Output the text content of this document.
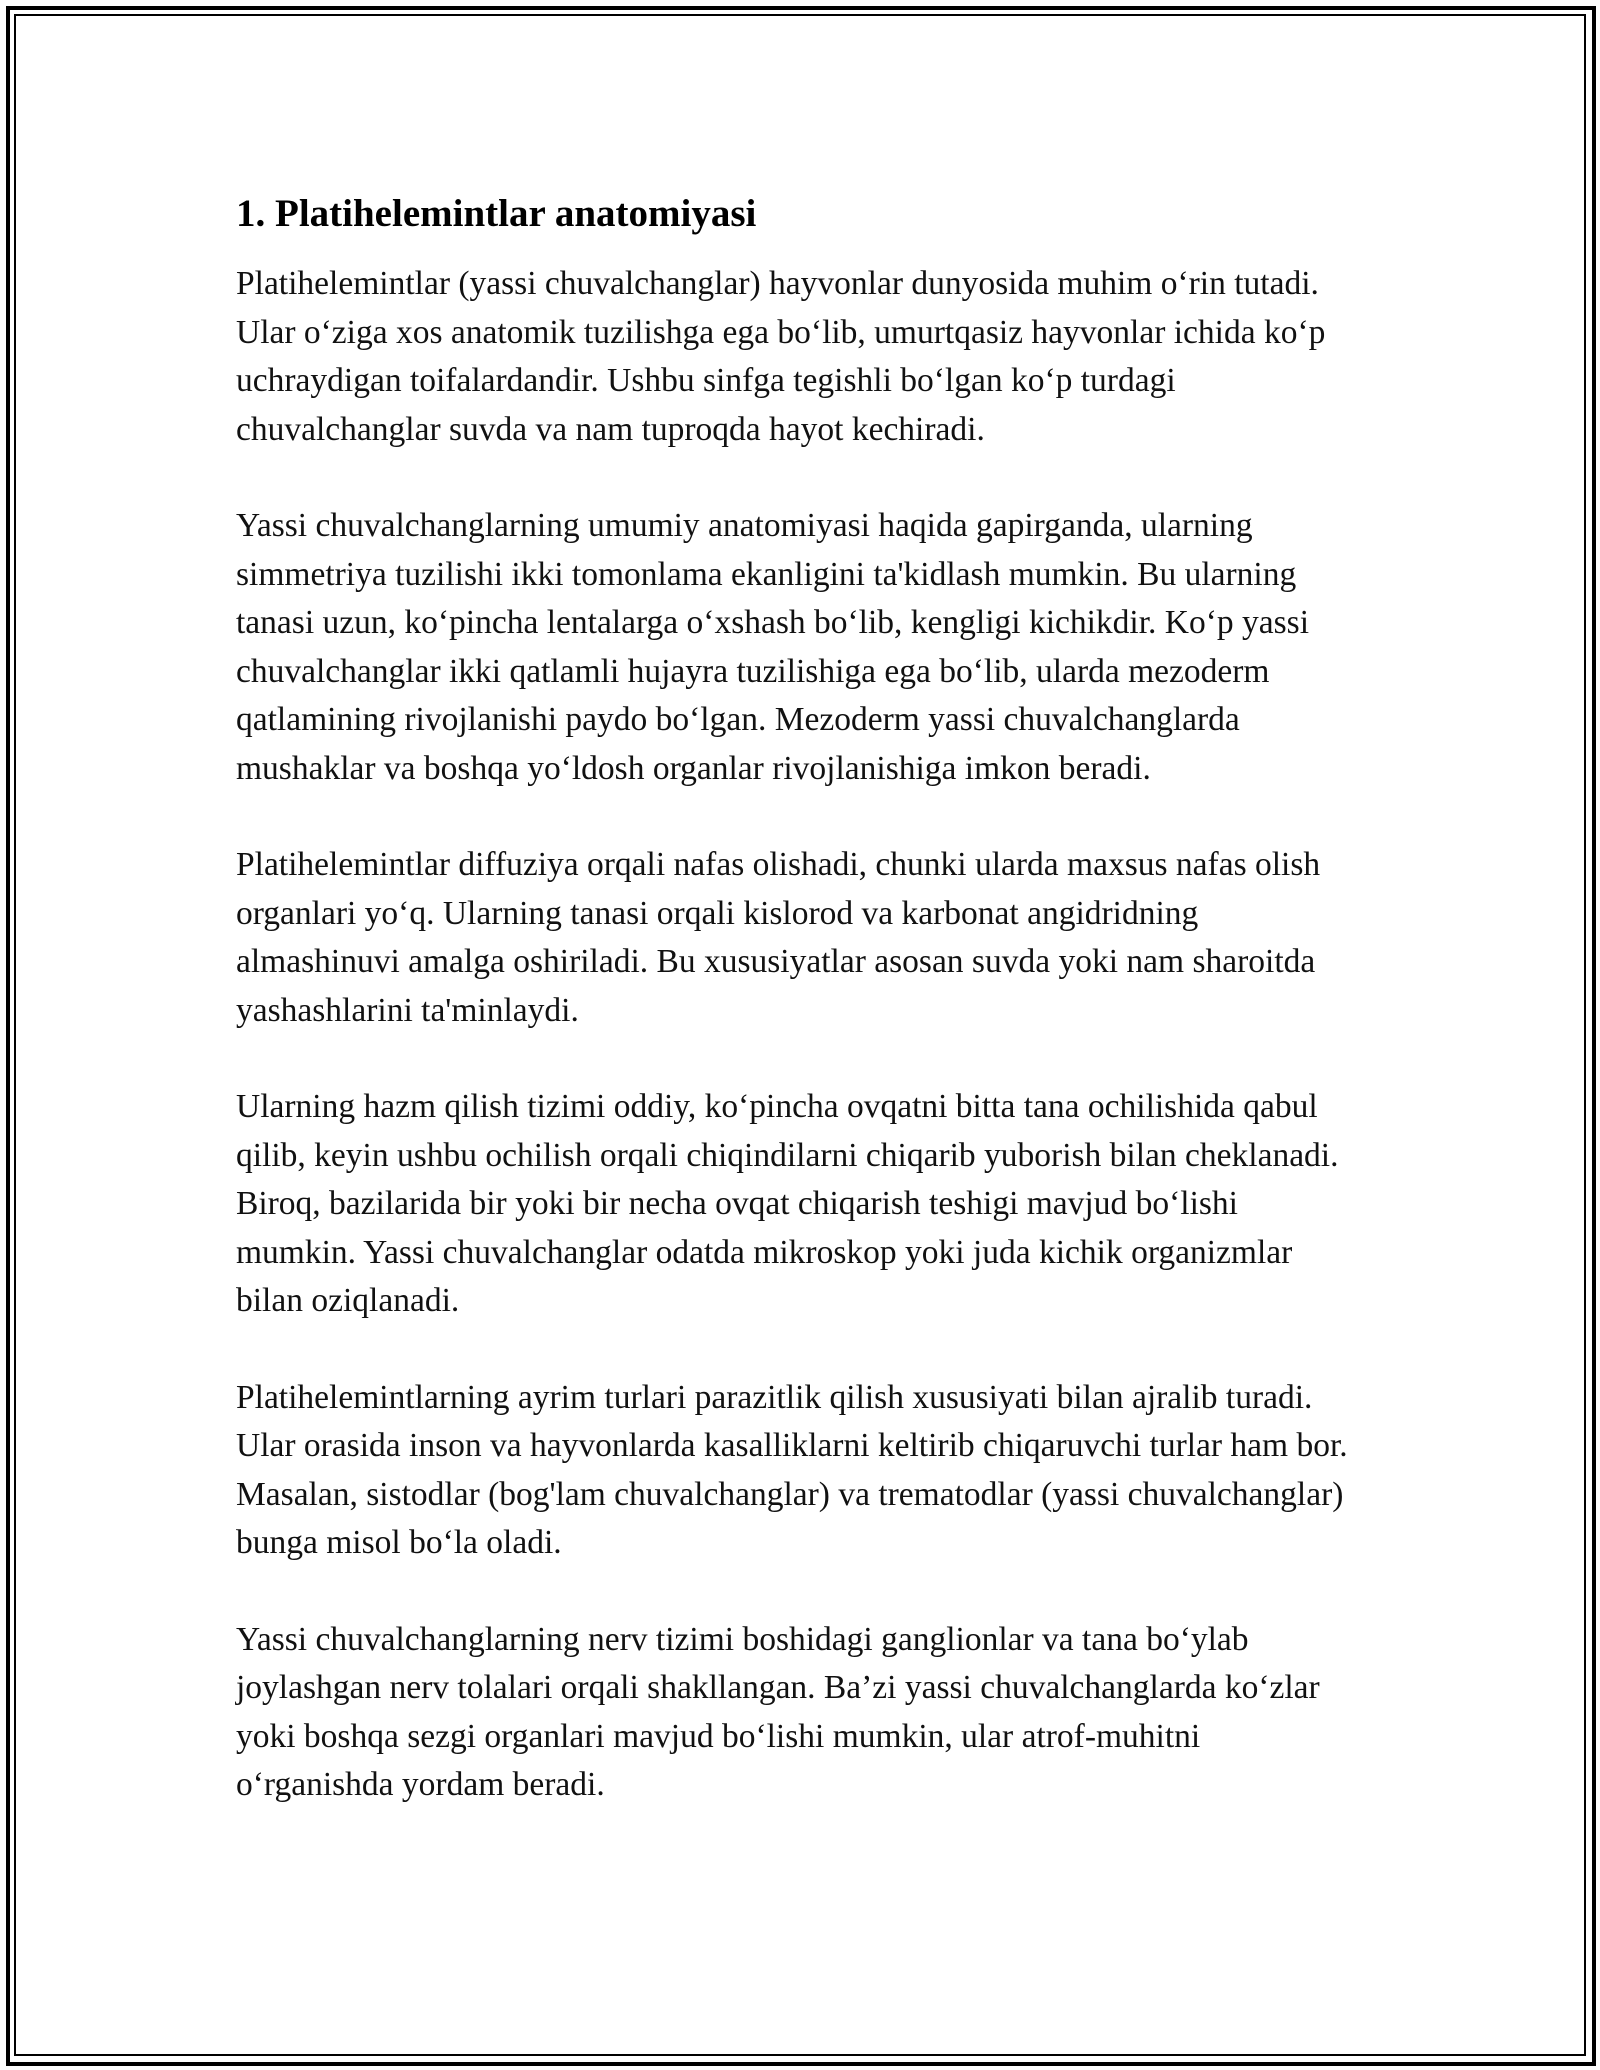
1. Platihelemintlar anatomiyasi

Platihelemintlar (yassi chuvalchanglar) hayvonlar dunyosida muhim o‘rin tutadi. Ular o‘ziga xos anatomik tuzilishga ega bo‘lib, umurtqasiz hayvonlar ichida ko‘p uchraydigan toifalardandir. Ushbu sinfga tegishli bo‘lgan ko‘p turdagi chuvalchanglar suvda va nam tuproqda hayot kechiradi.

Yassi chuvalchanglarning umumiy anatomiyasi haqida gapirganda, ularning simmetriya tuzilishi ikki tomonlama ekanligini ta'kidlash mumkin. Bu ularning tanasi uzun, ko‘pincha lentalarga o‘xshash bo‘lib, kengligi kichikdir. Ko‘p yassi chuvalchanglar ikki qatlamli hujayra tuzilishiga ega bo‘lib, ularda mezoderm qatlamining rivojlanishi paydo bo‘lgan. Mezoderm yassi chuvalchanglarda mushaklar va boshqa yo‘ldosh organlar rivojlanishiga imkon beradi.

Platihelemintlar diffuziya orqali nafas olishadi, chunki ularda maxsus nafas olish organlari yo‘q. Ularning tanasi orqali kislorod va karbonat angidridning almashinuvi amalga oshiriladi. Bu xususiyatlar asosan suvda yoki nam sharoitda yashashlarini ta'minlaydi.

Ularning hazm qilish tizimi oddiy, ko‘pincha ovqatni bitta tana ochilishida qabul qilib, keyin ushbu ochilish orqali chiqindilarni chiqarib yuborish bilan cheklanadi. Biroq, bazilarida bir yoki bir necha ovqat chiqarish teshigi mavjud bo‘lishi mumkin. Yassi chuvalchanglar odatda mikroskop yoki juda kichik organizmlar bilan oziqlanadi.

Platihelemintlarning ayrim turlari parazitlik qilish xususiyati bilan ajralib turadi. Ular orasida inson va hayvonlarda kasalliklarni keltirib chiqaruvchi turlar ham bor. Masalan, sistodlar (bog'lam chuvalchanglar) va trematodlar (yassi chuvalchanglar) bunga misol bo‘la oladi.

Yassi chuvalchanglarning nerv tizimi boshidagi ganglionlar va tana bo‘ylab joylashgan nerv tolalari orqali shakllangan. Ba’zi yassi chuvalchanglarda ko‘zlar yoki boshqa sezgi organlari mavjud bo‘lishi mumkin, ular atrof-muhitni o‘rganishda yordam beradi.
